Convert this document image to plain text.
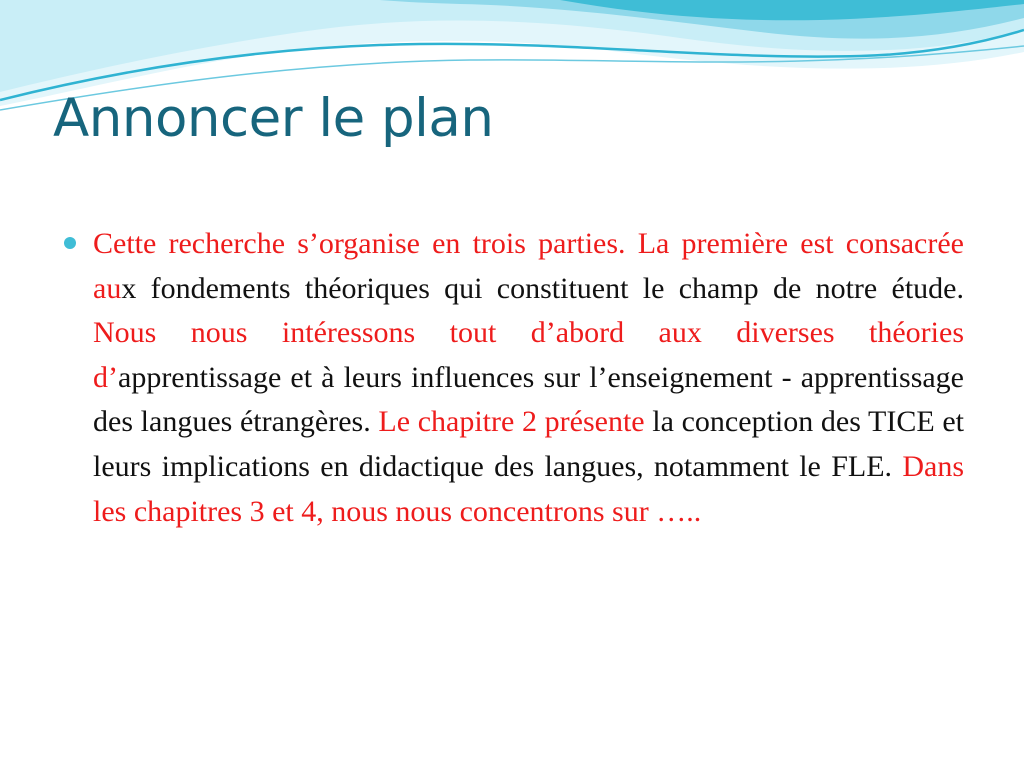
Annoncer le plan

Cette recherche s’organise en trois parties. La première est consacrée aux fondements théoriques qui constituent le champ de notre étude. Nous nous intéressons tout d’abord aux diverses théories d’apprentissage et à leurs influences sur l’enseignement - apprentissage des langues étrangères. Le chapitre 2 présente la conception des TICE et leurs implications en didactique des langues, notamment le FLE. Dans les chapitres 3 et 4, nous nous concentrons sur …..
